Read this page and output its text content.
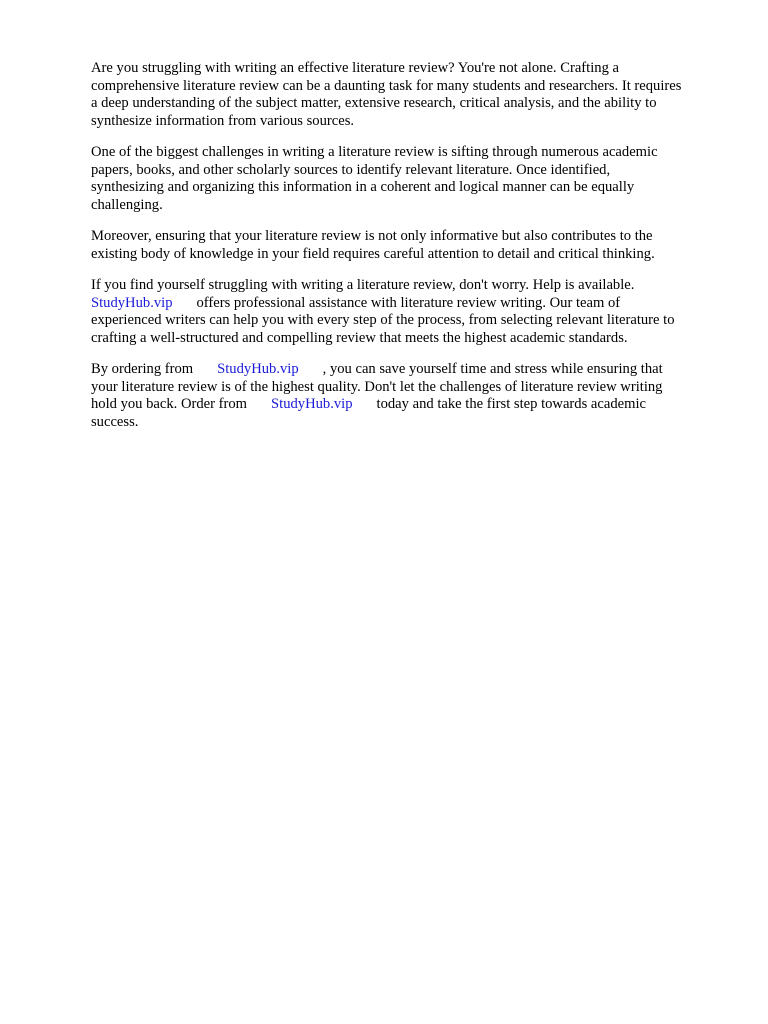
Are you struggling with writing an effective literature review? You're not alone. Crafting a
comprehensive literature review can be a daunting task for many students and researchers. It requires
a deep understanding of the subject matter, extensive research, critical analysis, and the ability to
synthesize information from various sources.
One of the biggest challenges in writing a literature review is sifting through numerous academic
papers, books, and other scholarly sources to identify relevant literature. Once identified,
synthesizing and organizing this information in a coherent and logical manner can be equally
challenging.
Moreover, ensuring that your literature review is not only informative but also contributes to the
existing body of knowledge in your field requires careful attention to detail and critical thinking.
If you find yourself struggling with writing a literature review, don't worry. Help is available.
StudyHub.vip offers professional assistance with literature review writing. Our team of
experienced writers can help you with every step of the process, from selecting relevant literature to
crafting a well-structured and compelling review that meets the highest academic standards.
By ordering from StudyHub.vip , you can save yourself time and stress while ensuring that
your literature review is of the highest quality. Don't let the challenges of literature review writing
hold you back. Order from StudyHub.vip today and take the first step towards academic
success.
